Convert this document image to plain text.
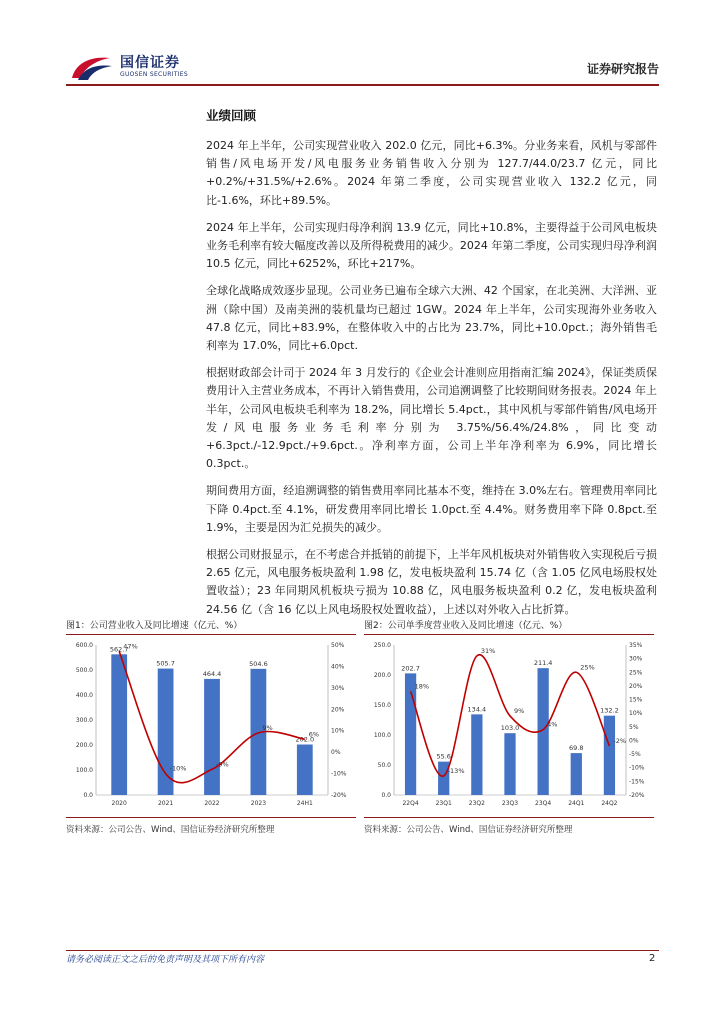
国信证券
GUOSEN SECURITIES	证券研究报告
业绩回顾

2024 年上半年，公司实现营业收入 202.0 亿元，同比+6.3%。分业务来看，风机与零部件销售/风电场开发/风电服务业务销售收入分别为 127.7/44.0/23.7 亿元，同比+0.2%/+31.5%/+2.6%。2024 年第二季度，公司实现营业收入 132.2 亿元，同比-1.6%，环比+89.5%。

2024 年上半年，公司实现归母净利润 13.9 亿元，同比+10.8%，主要得益于公司风电板块业务毛利率有较大幅度改善以及所得税费用的减少。2024 年第二季度，公司实现归母净利润 10.5 亿元，同比+6252%，环比+217%。

全球化战略成效逐步显现。公司业务已遍布全球六大洲、42 个国家，在北美洲、大洋洲、亚洲（除中国）及南美洲的装机量均已超过 1GW。2024 年上半年，公司实现海外业务收入 47.8 亿元，同比+83.9%，在整体收入中的占比为 23.7%，同比+10.0pct.；海外销售毛利率为 17.0%，同比+6.0pct.

根据财政部会计司于 2024 年 3 月发行的《企业会计准则应用指南汇编 2024》，保证类质保费用计入主营业务成本，不再计入销售费用，公司追溯调整了比较期间财务报表。2024 年上半年，公司风电板块毛利率为 18.2%，同比增长 5.4pct.，其中风机与零部件销售/风电场开发/风电服务业务毛利率分别为 3.75%/56.4%/24.8%，同比变动+6.3pct./-12.9pct./+9.6pct.。净利率方面，公司上半年净利率为 6.9%，同比增长 0.3pct.。

期间费用方面，经追溯调整的销售费用率同比基本不变，维持在 3.0%左右。管理费用率同比下降 0.4pct.至 4.1%，研发费用率同比增长 1.0pct.至 4.4%。财务费用率下降 0.8pct.至 1.9%，主要是因为汇兑损失的减少。

根据公司财报显示，在不考虑合并抵销的前提下，上半年风机板块对外销售收入实现税后亏损 2.65 亿元，风电服务板块盈利 1.98 亿，发电板块盈利 15.74 亿（含 1.05 亿风电场股权处置收益）；23 年同期风机板块亏损为 10.88 亿，风电服务板块盈利 0.2 亿，发电板块盈利 24.56 亿（含 16 亿以上风电场股权处置收益），上述以对外收入占比折算。

图1：公司营业收入及同比增速（亿元、%）
0.0
100.0
200.0
300.0
400.0
500.0
600.0
-20%
-10%
0%
10%
20%
30%
40%
50%
562.7
2020
505.7
2021
464.4
2022
504.6
2023
202.0
24H1
47%
-10%
-9%
9%
6%
资料来源：公司公告、Wind、国信证券经济研究所整理
图2：公司单季度营业收入及同比增速（亿元、%）
0.0
50.0
100.0
150.0
200.0
250.0
-20%
-15%
-10%
-5%
0%
5%
10%
15%
20%
25%
30%
35%
202.7
22Q4
55.6
23Q1
134.4
23Q2
103.0
23Q3
211.4
23Q4
69.8
24Q1
132.2
24Q2
18%
-13%
31%
9%
4%
25%
-2%
资料来源：公司公告、Wind、国信证券经济研究所整理
请务必阅读正文之后的免责声明及其项下所有内容	2
